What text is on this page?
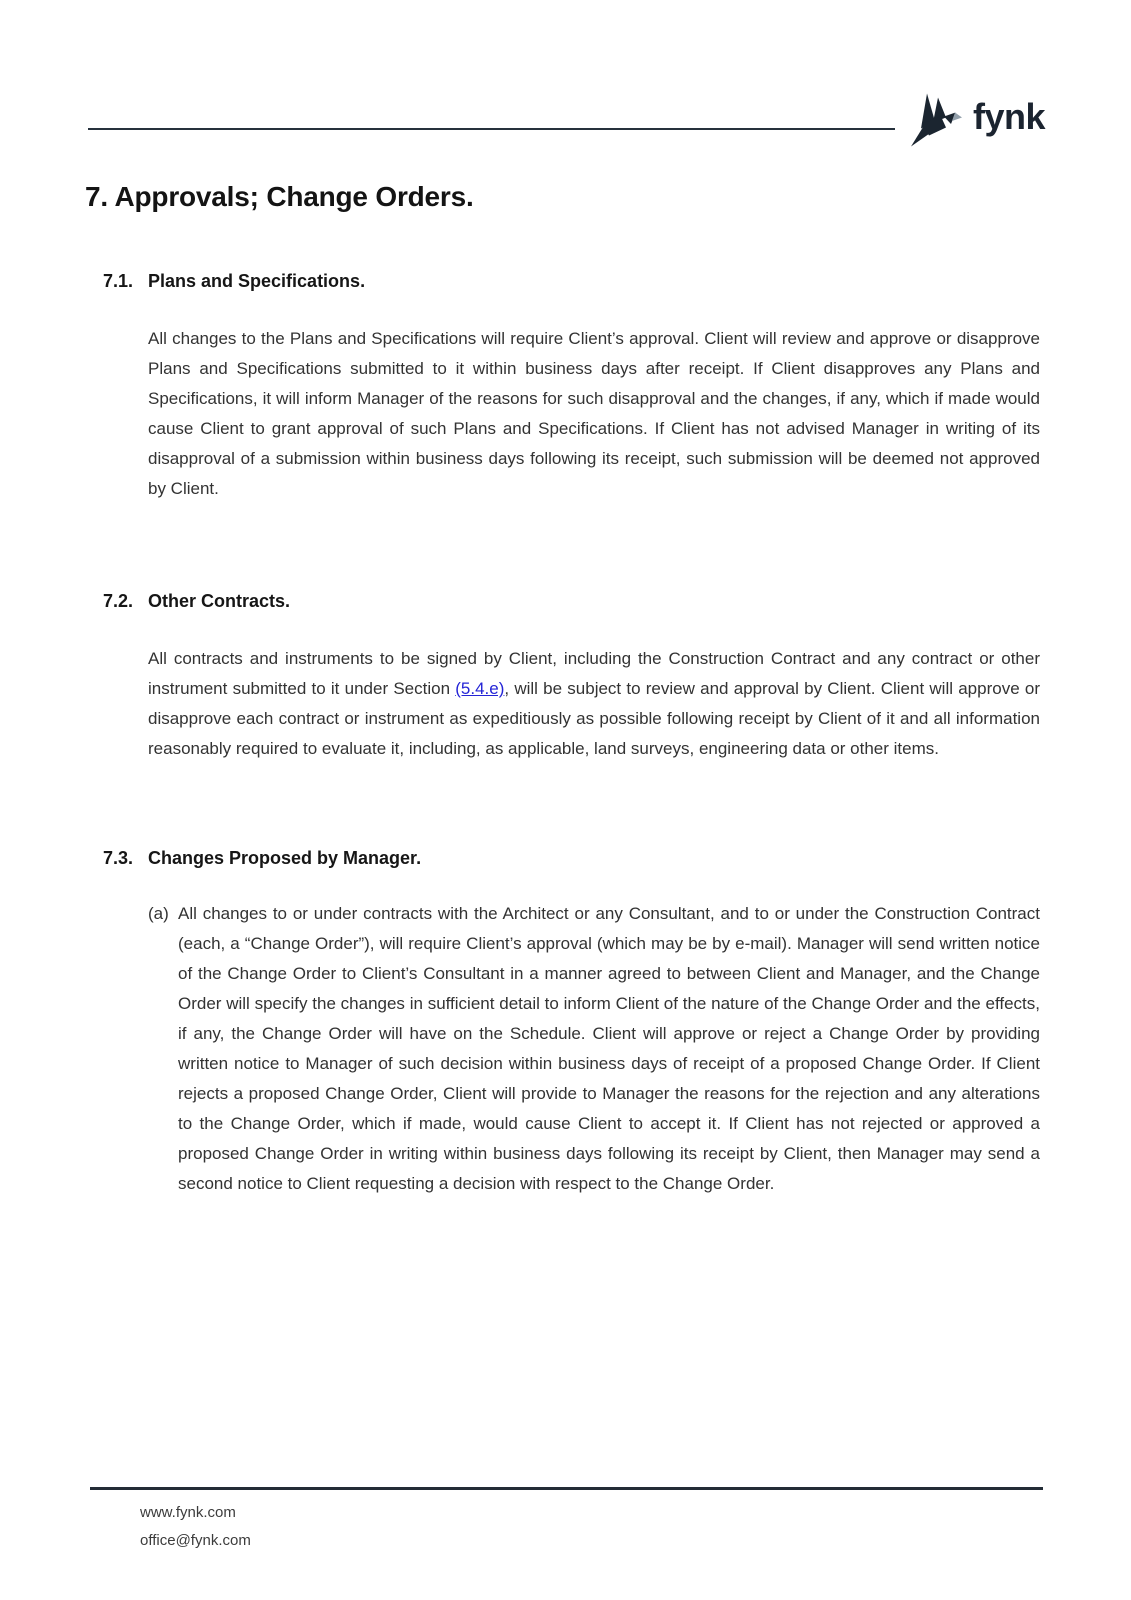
fynk
7. Approvals; Change Orders.
7.1. Plans and Specifications.

All changes to the Plans and Specifications will require Client’s approval. Client will review and approve or disapprove Plans and Specifications submitted to it within business days after receipt. If Client disapproves any Plans and Specifications, it will inform Manager of the reasons for such disapproval and the changes, if any, which if made would cause Client to grant approval of such Plans and Specifications. If Client has not advised Manager in writing of its disapproval of a submission within business days following its receipt, such submission will be deemed not approved by Client.

7.2. Other Contracts.

All contracts and instruments to be signed by Client, including the Construction Contract and any contract or other instrument submitted to it under Section (5.4.e), will be subject to review and approval by Client. Client will approve or disapprove each contract or instrument as expeditiously as possible following receipt by Client of it and all information reasonably required to evaluate it, including, as applicable, land surveys, engineering data or other items.

7.3. Changes Proposed by Manager.

(a) All changes to or under contracts with the Architect or any Consultant, and to or under the Construction Contract (each, a “Change Order”), will require Client’s approval (which may be by e-mail). Manager will send written notice of the Change Order to Client’s Consultant in a manner agreed to between Client and Manager, and the Change Order will specify the changes in sufficient detail to inform Client of the nature of the Change Order and the effects, if any, the Change Order will have on the Schedule. Client will approve or reject a Change Order by providing written notice to Manager of such decision within business days of receipt of a proposed Change Order. If Client rejects a proposed Change Order, Client will provide to Manager the reasons for the rejection and any alterations to the Change Order, which if made, would cause Client to accept it. If Client has not rejected or approved a proposed Change Order in writing within business days following its receipt by Client, then Manager may send a second notice to Client requesting a decision with respect to the Change Order.

www.fynk.com
office@fynk.com
